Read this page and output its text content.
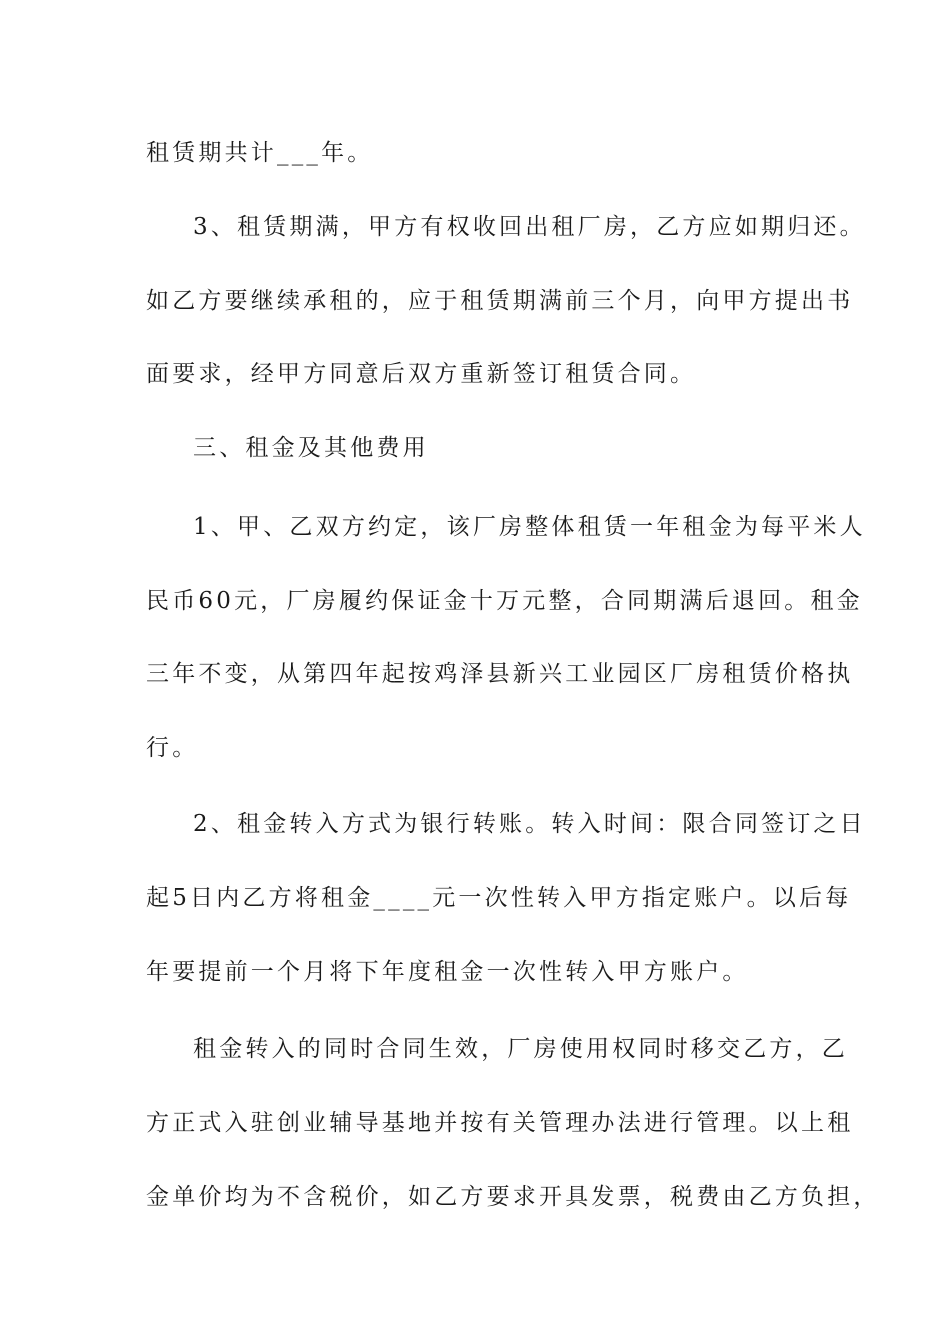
租赁期共计___年。
3、租赁期满，甲方有权收回出租厂房，乙方应如期归还。
如乙方要继续承租的，应于租赁期满前三个月，向甲方提出书
面要求，经甲方同意后双方重新签订租赁合同。
三、租金及其他费用
1、甲、乙双方约定，该厂房整体租赁一年租金为每平米人
民币60元，厂房履约保证金十万元整，合同期满后退回。租金
三年不变，从第四年起按鸡泽县新兴工业园区厂房租赁价格执
行。
2、租金转入方式为银行转账。转入时间：限合同签订之日
起5日内乙方将租金____元一次性转入甲方指定账户。以后每
年要提前一个月将下年度租金一次性转入甲方账户。
租金转入的同时合同生效，厂房使用权同时移交乙方，乙
方正式入驻创业辅导基地并按有关管理办法进行管理。以上租
金单价均为不含税价，如乙方要求开具发票，税费由乙方负担，
